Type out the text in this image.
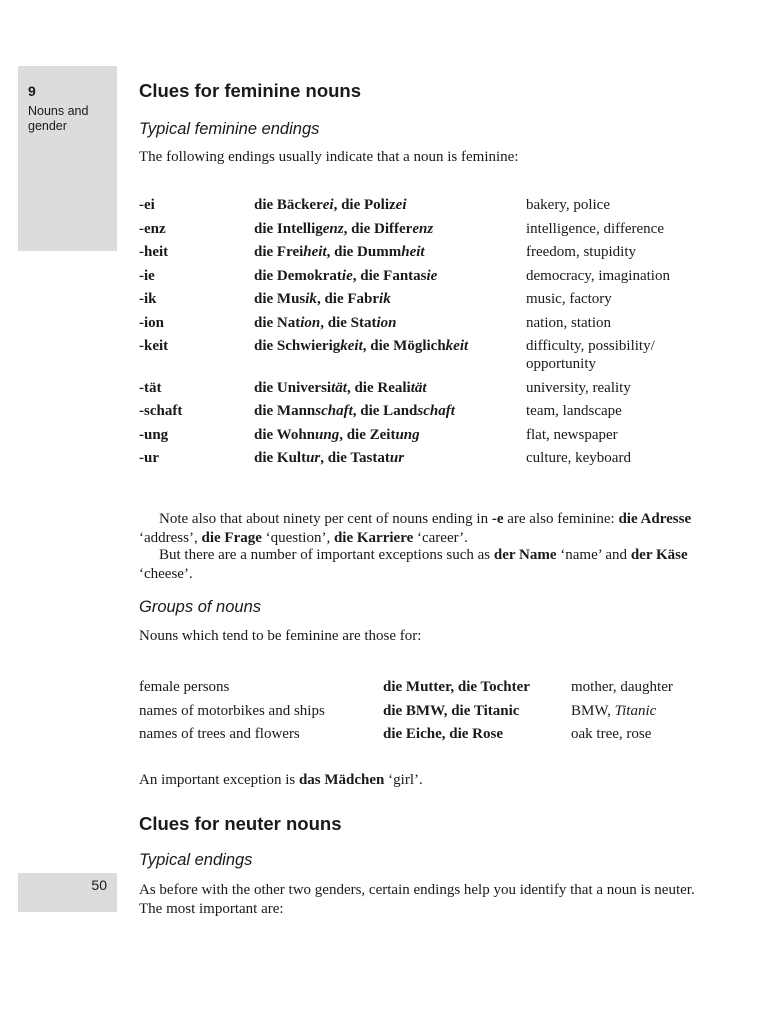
9
Nouns and gender
50
Clues for feminine nouns
Typical feminine endings

The following endings usually indicate that a noun is feminine:

-ei	die Bäckerei, die Polizei	bakery, police
-enz	die Intelligenz, die Differenz	intelligence, difference
-heit	die Freiheit, die Dummheit	freedom, stupidity
-ie	die Demokratie, die Fantasie	democracy, imagination
-ik	die Musik, die Fabrik	music, factory
-ion	die Nation, die Station	nation, station
-keit	die Schwierigkeit, die Möglichkeit	difficulty, possibility/ opportunity
-tät	die Universität, die Realität	university, reality
-schaft	die Mannschaft, die Landschaft	team, landscape
-ung	die Wohnung, die Zeitung	flat, newspaper
-ur	die Kultur, die Tastatur	culture, keyboard

Note also that about ninety per cent of nouns ending in -e are also feminine: die Adresse ‘address’, die Frage ‘question’, die Karriere ‘career’.

But there are a number of important exceptions such as der Name ‘name’ and der Käse ‘cheese’.

Groups of nouns

Nouns which tend to be feminine are those for:

female persons	die Mutter, die Tochter	mother, daughter
names of motorbikes and ships	die BMW, die Titanic	BMW, Titanic
names of trees and flowers	die Eiche, die Rose	oak tree, rose

An important exception is das Mädchen ‘girl’.

Clues for neuter nouns
Typical endings

As before with the other two genders, certain endings help you identify that a noun is neuter. The most important are:
